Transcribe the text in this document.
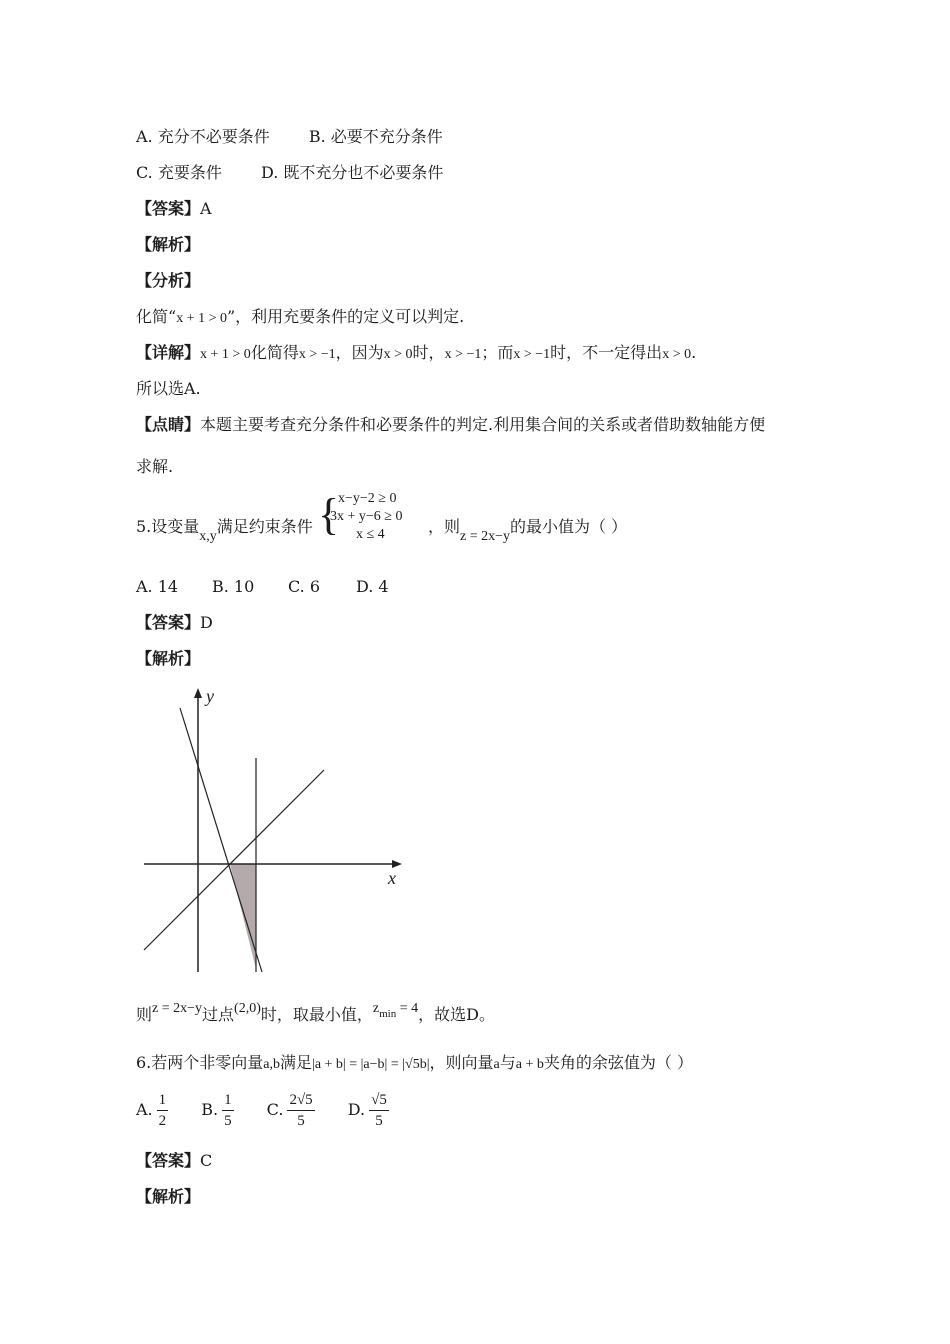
A. 充分不必要条件 B. 必要不充分条件
C. 充要条件 D. 既不充分也不必要条件
【答案】A
【解析】
【分析】
化简“x + 1 > 0”，利用充要条件的定义可以判定.
【详解】x + 1 > 0化简得x > −1，因为x > 0时，x > −1；而x > −1时，不一定得出x > 0.
所以选A.
【点睛】本题主要考查充分条件和必要条件的判定.利用集合间的关系或者借助数轴能方便
求解.
5.设变量x,y满足约束条件 {
x−y−2 ≥ 0
3x + y−6 ≥ 0
x ≤ 4	，则z = 2x−y的最小值为（ ）
A. 14 B. 10 C. 6 D. 4
【答案】D
【解析】
x
y
则z = 2x−y过点(2,0)时，取最小值，$z_{min} = 4$，故选D。
6.若两个非零向量a,b满足|a + b| = |a−b| = |√5b|，则向量a与a + b夹角的余弦值为（ ）
A. $\frac{1}{2} B$. $\frac{1}{5} C$. $\frac{2√5}{5} D$. $\frac{√5}{5}$
【答案】C
【解析】
